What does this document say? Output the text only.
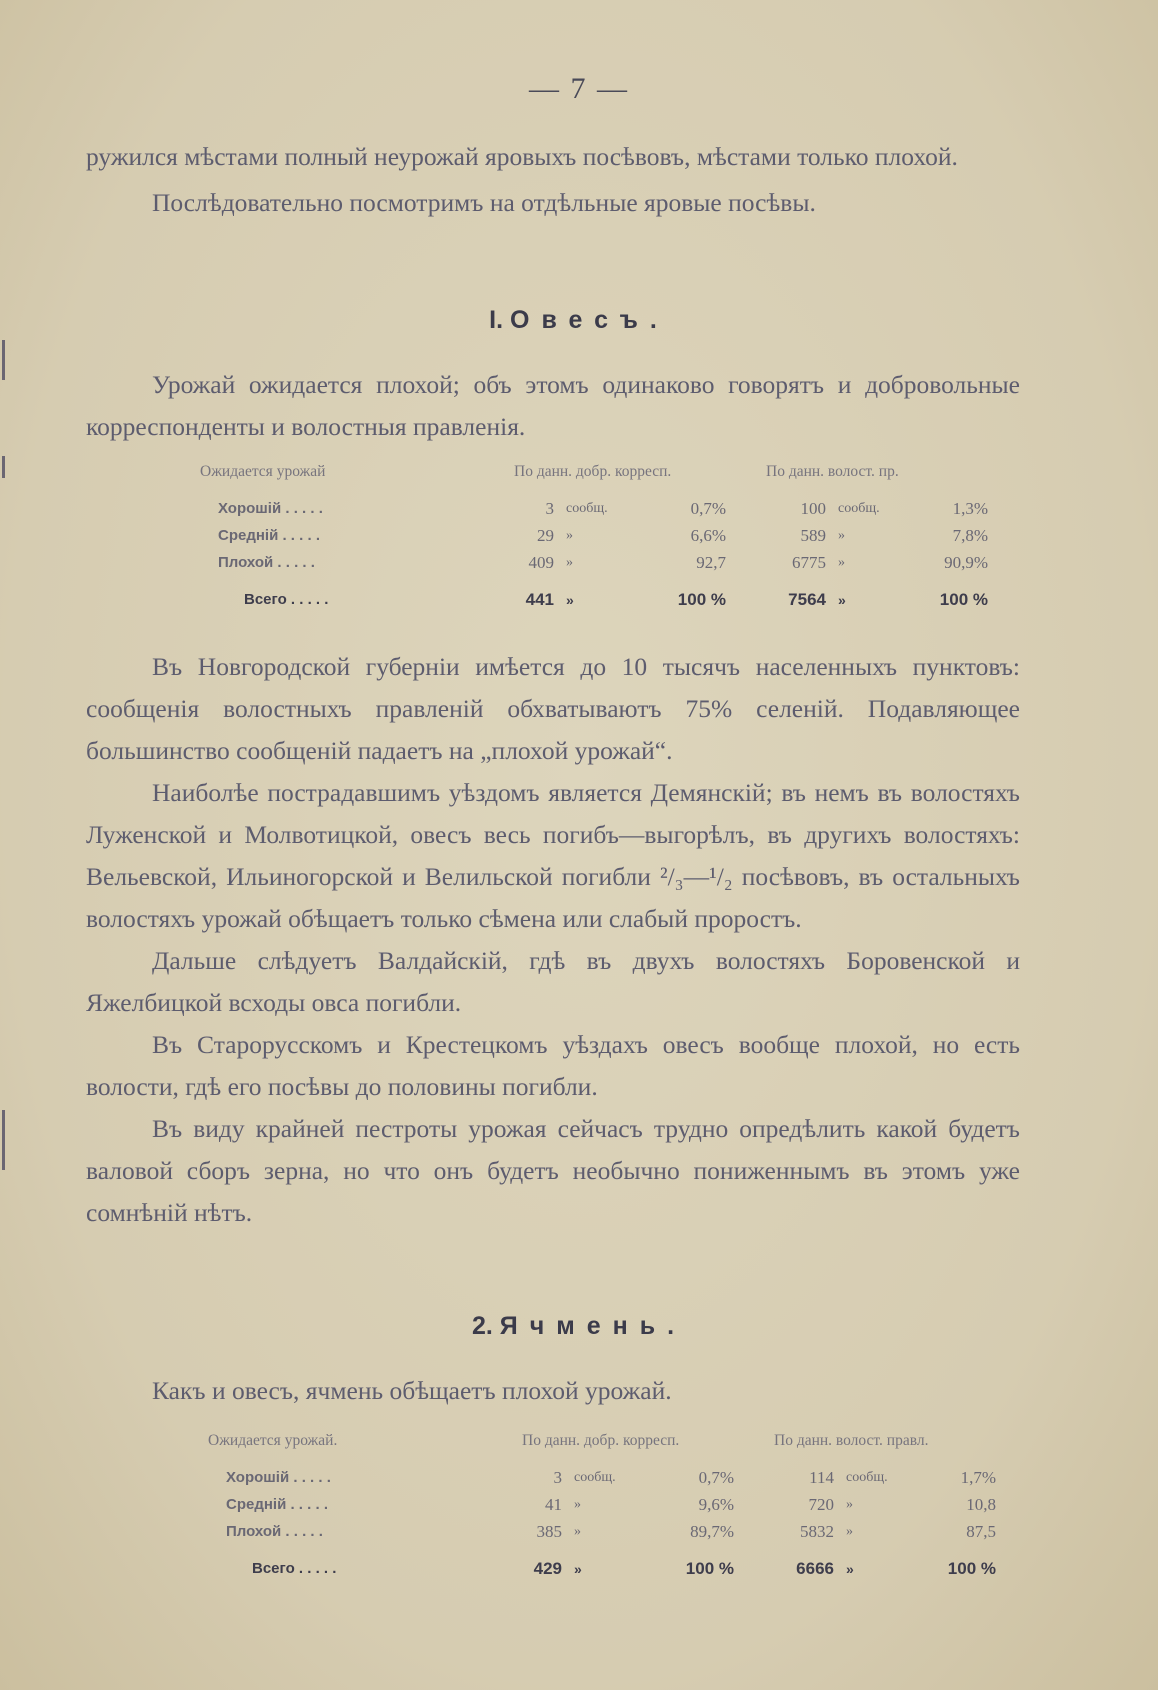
— 7 —

ружился мѣстами полный неурожай яровыхъ посѣвовъ, мѣстами только плохой.

Послѣдовательно посмотримъ на отдѣльные яровые посѣвы.

I. Овесъ.

Урожай ожидается плохой; объ этомъ одинаково говорятъ и добровольные корреспонденты и волостныя правленія.

Ожидается урожай	По данн. добр. корресп.			По данн. волост. пр.		
Хорошій . . . . .	3	сообщ.	0,7%	100	сообщ.	1,3%
Средній . . . . .	29	»	6,6%	589	»	7,8%
Плохой . . . . .	409	»	92,7	6775	»	90,9%
Всего . . . . .	441	»	100 %	7564	»	100 %

Въ Новгородской губерніи имѣется до 10 тысячъ населенныхъ пунктовъ: сообщенія волостныхъ правленій обхватываютъ 75% селеній. Подавляющее большинство сообщеній падаетъ на „плохой урожай“.

Наиболѣе пострадавшимъ уѣздомъ является Демянскій; въ немъ въ волостяхъ Луженской и Молвотицкой, овесъ весь погибъ—выгорѣлъ, въ другихъ волостяхъ: Вельевской, Ильиногорской и Велильской погибли ²/₃—¹/₂ посѣвовъ, въ остальныхъ волостяхъ урожай обѣщаетъ только сѣмена или слабый проростъ.

Дальше слѣдуетъ Валдайскій, гдѣ въ двухъ волостяхъ Боровенской и Яжелбицкой всходы овса погибли.

Въ Старорусскомъ и Крестецкомъ уѣздахъ овесъ вообще плохой, но есть волости, гдѣ его посѣвы до половины погибли.

Въ виду крайней пестроты урожая сейчасъ трудно опредѣлить какой будетъ валовой сборъ зерна, но что онъ будетъ необычно пониженнымъ въ этомъ уже сомнѣній нѣтъ.

2. Ячмень.

Какъ и овесъ, ячмень обѣщаетъ плохой урожай.

Ожидается урожай.	По данн. добр. корресп.			По данн. волост. правл.		
Хорошій . . . . .	3	сообщ.	0,7%	114	сообщ.	1,7%
Средній . . . . .	41	»	9,6%	720	»	10,8
Плохой . . . . .	385	»	89,7%	5832	»	87,5
Всего . . . . .	429	»	100 %	6666	»	100 %
